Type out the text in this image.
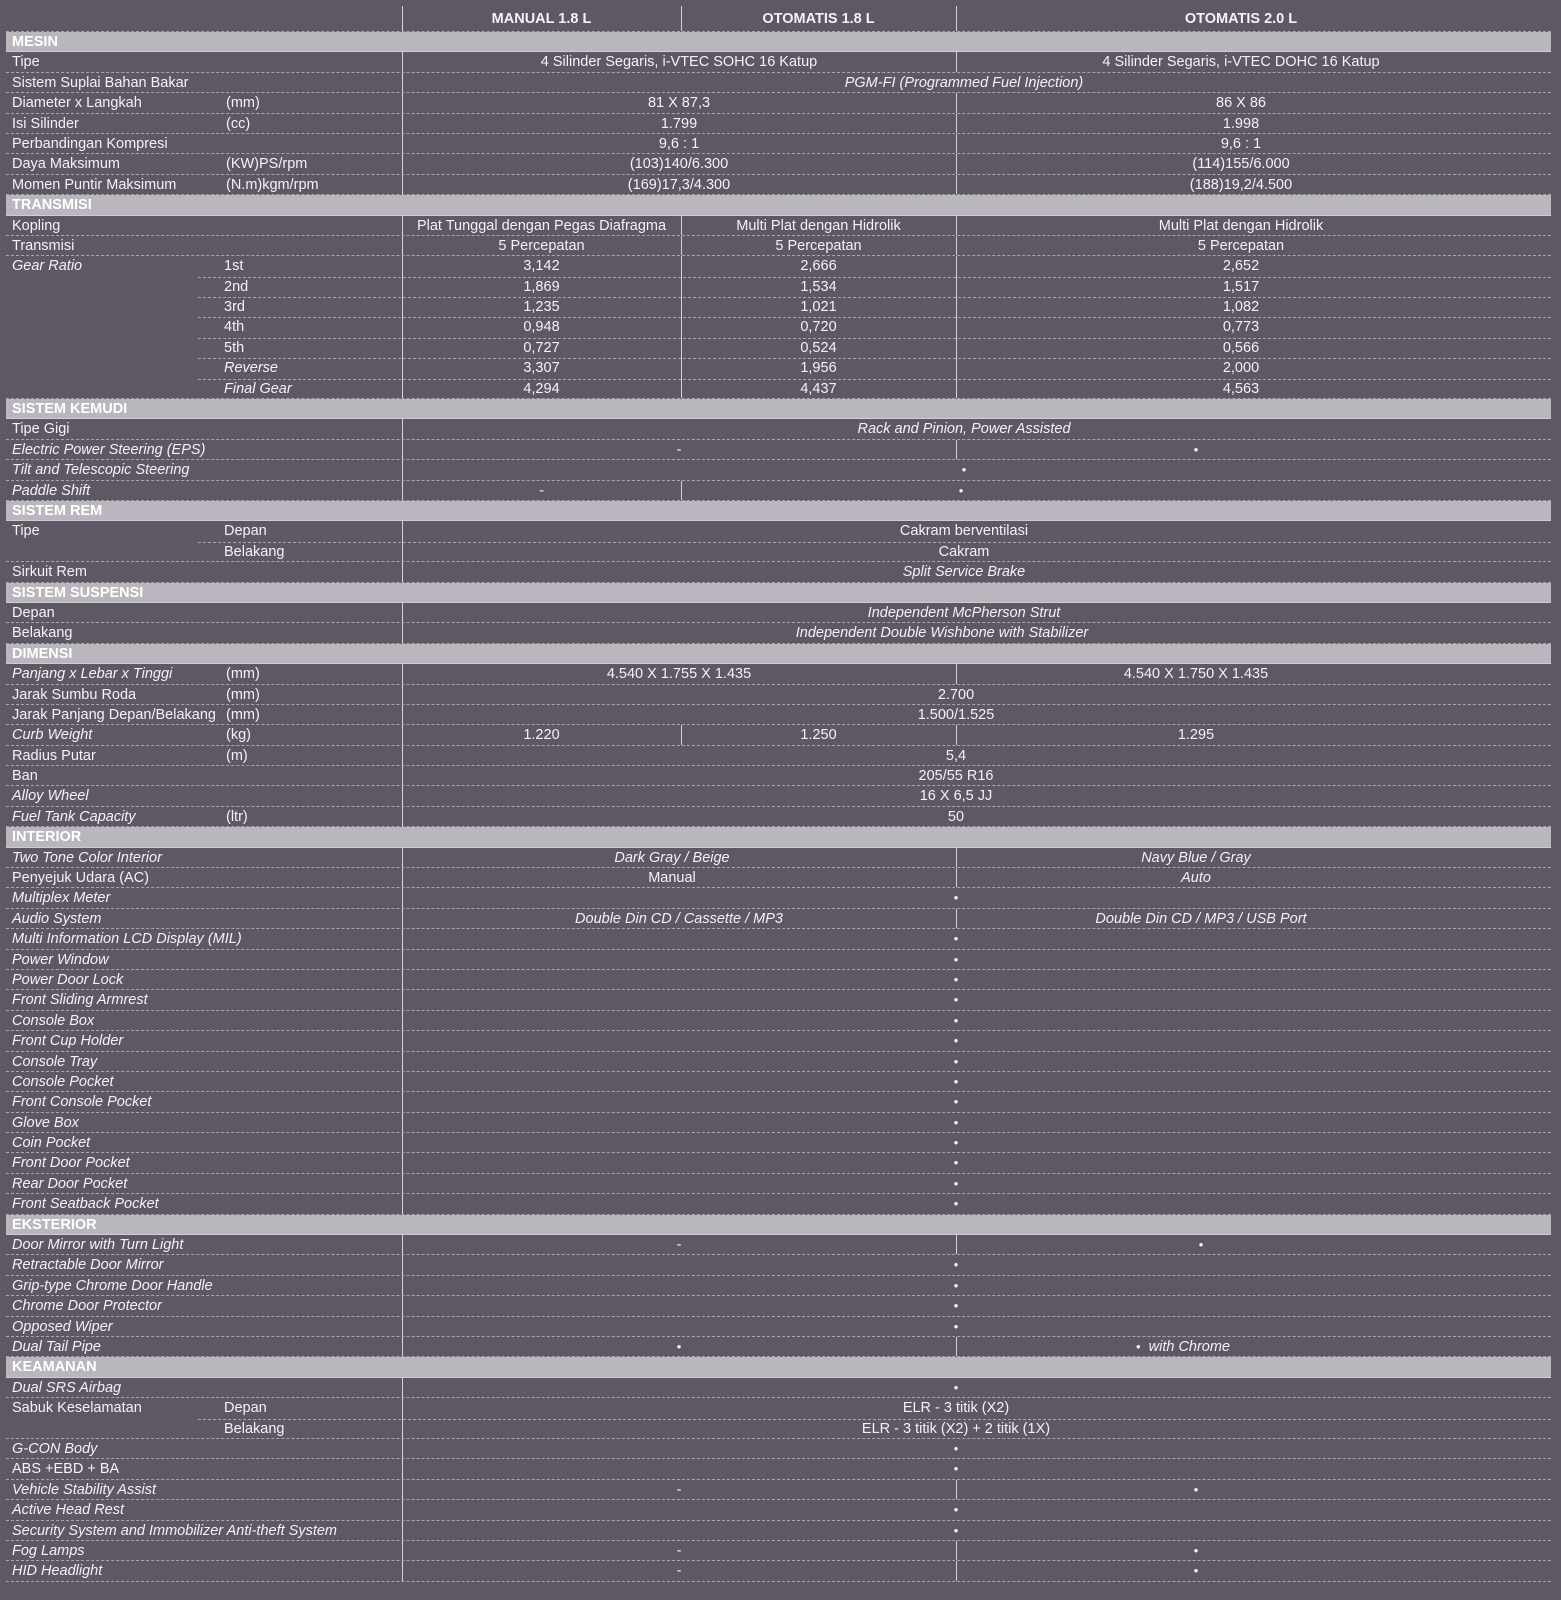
MANUAL 1.8 L	OTOMATIS 1.8 L	OTOMATIS 2.0 L
MESIN
Tipe	4 Silinder Segaris, i-VTEC SOHC 16 Katup	4 Silinder Segaris, i-VTEC DOHC 16 Katup
Sistem Suplai Bahan Bakar	PGM-FI (Programmed Fuel Injection)
Diameter x Langkah	(mm)	81 X 87,3	86 X 86
Isi Silinder	(cc)	1.799	1.998
Perbandingan Kompresi	9,6 : 1	9,6 : 1
Daya Maksimum	(KW)PS/rpm	(103)140/6.300	(114)155/6.000
Momen Puntir Maksimum	(N.m)kgm/rpm	(169)17,3/4.300	(188)19,2/4.500
TRANSMISI
Kopling	Plat Tunggal dengan Pegas Diafragma	Multi Plat dengan Hidrolik	Multi Plat dengan Hidrolik
Transmisi	5 Percepatan	5 Percepatan	5 Percepatan
Gear Ratio	1st	3,142	2,666	2,652
2nd	1,869	1,534	1,517
3rd	1,235	1,021	1,082
4th	0,948	0,720	0,773
5th	0,727	0,524	0,566
Reverse	3,307	1,956	2,000
Final Gear	4,294	4,437	4,563
SISTEM KEMUDI
Tipe Gigi	Rack and Pinion, Power Assisted
Electric Power Steering (EPS)	-	•
Tilt and Telescopic Steering	•
Paddle Shift	-	•
SISTEM REM
Tipe	Depan	Cakram berventilasi
Belakang	Cakram
Sirkuit Rem	Split Service Brake
SISTEM SUSPENSI
Depan	Independent McPherson Strut
Belakang	Independent Double Wishbone with Stabilizer
DIMENSI
Panjang x Lebar x Tinggi	(mm)	4.540 X 1.755 X 1.435	4.540 X 1.750 X 1.435
Jarak Sumbu Roda	(mm)	2.700
Jarak Panjang Depan/Belakang (mm)	1.500/1.525
Curb Weight	(kg)	1.220	1.250	1.295
Radius Putar	(m)	5,4
Ban	205/55 R16
Alloy Wheel	16 X 6,5 JJ
Fuel Tank Capacity	(ltr)	50
INTERIOR
Two Tone Color Interior	Dark Gray / Beige	Navy Blue / Gray
Penyejuk Udara (AC)	Manual	Auto
Multiplex Meter	•
Audio System	Double Din CD / Cassette / MP3	Double Din CD / MP3 / USB Port
Multi Information LCD Display (MIL)	•
Power Window	•
Power Door Lock	•
Front Sliding Armrest	•
Console Box	•
Front Cup Holder	•
Console Tray	•
Console Pocket	•
Front Console Pocket	•
Glove Box	•
Coin Pocket	•
Front Door Pocket	•
Rear Door Pocket	•
Front Seatback Pocket	•
EKSTERIOR
Door Mirror with Turn Light	-	•
Retractable Door Mirror	•
Grip-type Chrome Door Handle	•
Chrome Door Protector	•
Opposed Wiper	•
Dual Tail Pipe	•	• with Chrome
KEAMANAN
Dual SRS Airbag	•
Sabuk Keselamatan	Depan	ELR - 3 titik (X2)
Belakang	ELR - 3 titik (X2) + 2 titik (1X)
G-CON Body	•
ABS +EBD + BA	•
Vehicle Stability Assist	-	•
Active Head Rest	•
Security System and Immobilizer Anti-theft System	•
Fog Lamps	-	•
HID Headlight	-	•
